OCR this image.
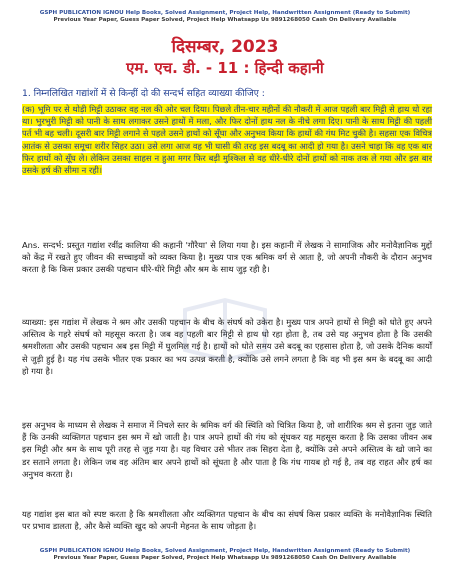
GSPH PUBLICATION IGNOU Help Books, Solved Assignment, Project Help, Handwritten Assignment (Ready to Submit)
Previous Year Paper, Guess Paper Solved, Project Help Whatsapp Us 9891268050 Cash On Delivery Available
दिसम्बर, 2023
एम. एच. डी. - 11 : हिन्दी कहानी
1. निम्नलिखित गद्यांशों में से किन्हीं दो की सन्दर्भ सहित व्याख्या कीजिए :

(क) भूमि पर से थोड़ी मिट्टी उठाकर वह नल की ओर चल दिया। पिछले तीन-चार महीनों की नौकरी में आज पहली बार मिट्टी से हाथ धो रहा था। भुरभुरी मिट्टी को पानी के साथ लगाकर उसने हाथों में मला, और फिर दोनों हाथ नल के नीचे लगा दिए। पानी के साथ मिट्टी की पहली पर्त भी बह चली। दूसरी बार मिट्टी लगाने से पहले उसने हाथों को सूँघा और अनुभव किया कि हाथों की गंध मिट चुकी है। सहसा एक विचित्र आतंक से उसका समूचा शरीर सिहर उठा। उसे लगा आज वह भी घासी की तरह इस बदबू का आदी हो गया है। उसने चाहा कि वह एक बार फिर हाथों को सूँघ ले। लेकिन उसका साहस न हुआ मगर फिर बड़ी मुश्किल से वह धीरे-धीरे दोनों हाथों को नाक तक ले गया और इस बार उसके हर्ष की सीमा न रही।

Ans. सन्दर्भ: प्रस्तुत गद्यांश रवींद्र कालिया की कहानी 'गौरैया' से लिया गया है। इस कहानी में लेखक ने सामाजिक और मनोवैज्ञानिक मुद्दों को केंद्र में रखते हुए जीवन की सच्चाइयों को व्यक्त किया है। मुख्य पात्र एक श्रमिक वर्ग से आता है, जो अपनी नौकरी के दौरान अनुभव करता है कि किस प्रकार उसकी पहचान धीरे-धीरे मिट्टी और श्रम के साथ जुड़ रही है।

व्याख्या: इस गद्यांश में लेखक ने श्रम और उसकी पहचान के बीच के संघर्ष को उकेरा है। मुख्य पात्र अपने हाथों से मिट्टी को धोते हुए अपने अस्तित्व के गहरे संघर्ष को महसूस करता है। जब वह पहली बार मिट्टी से हाथ धो रहा होता है, तब उसे यह अनुभव होता है कि उसकी श्रमशीलता और उसकी पहचान अब इस मिट्टी में घुलमिल गई है। हाथों को धोते समय उसे बदबू का एहसास होता है, जो उसके दैनिक कार्यों से जुड़ी हुई है। यह गंध उसके भीतर एक प्रकार का भय उत्पन्न करती है, क्योंकि उसे लगने लगता है कि वह भी इस श्रम के बदबू का आदी हो गया है।

इस अनुभव के माध्यम से लेखक ने समाज में निचले स्तर के श्रमिक वर्ग की स्थिति को चित्रित किया है, जो शारीरिक श्रम से इतना जुड़ जाते हैं कि उनकी व्यक्तिगत पहचान इस श्रम में खो जाती है। पात्र अपने हाथों की गंध को सूंघकर यह महसूस करता है कि उसका जीवन अब इस मिट्टी और श्रम के साथ पूरी तरह से जुड़ गया है। यह विचार उसे भीतर तक सिहरा देता है, क्योंकि उसे अपने अस्तित्व के खो जाने का डर सताने लगता है। लेकिन जब वह अंतिम बार अपने हाथों को सूंघता है और पाता है कि गंध गायब हो गई है, तब वह राहत और हर्ष का अनुभव करता है।

यह गद्यांश इस बात को स्पष्ट करता है कि श्रमशीलता और व्यक्तिगत पहचान के बीच का संघर्ष किस प्रकार व्यक्ति के मनोवैज्ञानिक स्थिति पर प्रभाव डालता है, और कैसे व्यक्ति खुद को अपनी मेहनत के साथ जोड़ता है।

GSPH PUBLICATION IGNOU Help Books, Solved Assignment, Project Help, Handwritten Assignment (Ready to Submit)
Previous Year Paper, Guess Paper Solved, Project Help Whatsapp Us 9891268050 Cash On Delivery Available
